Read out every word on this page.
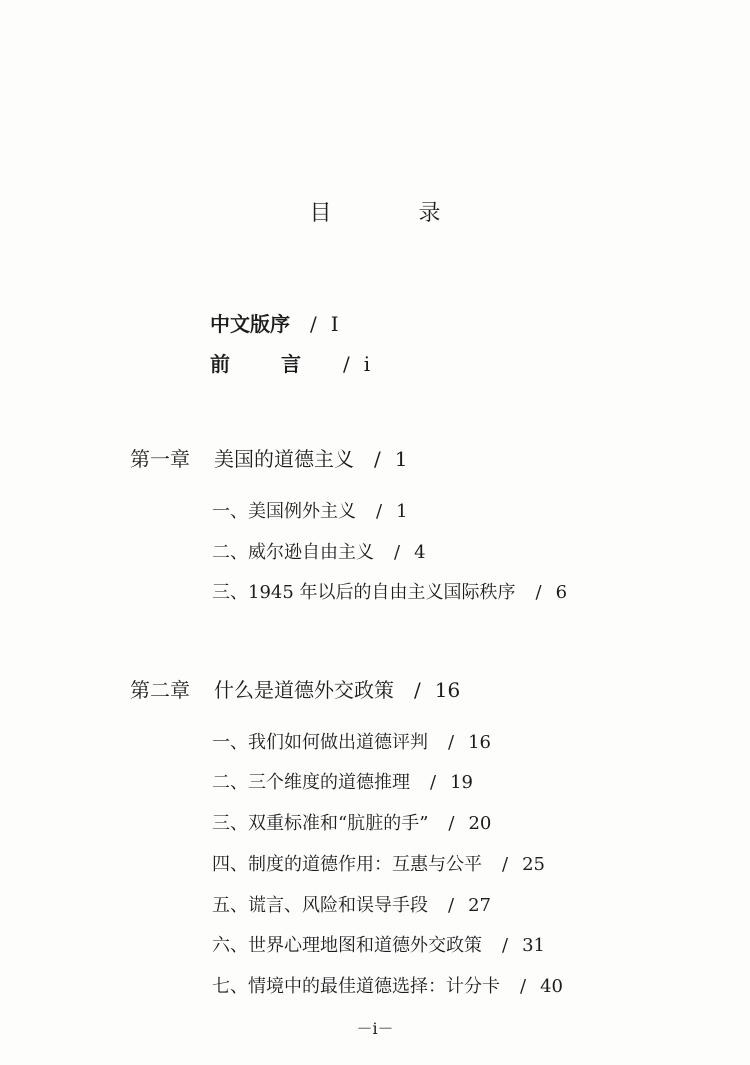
目 录
中文版序 / I
前 言 / i
第一章 美国的道德主义 / 1
一、美国例外主义 / 1
二、威尔逊自由主义 / 4
三、1945 年以后的自由主义国际秩序 / 6
第二章 什么是道德外交政策 / 16
一、我们如何做出道德评判 / 16
二、三个维度的道德推理 / 19
三、双重标准和“肮脏的手” / 20
四、制度的道德作用：互惠与公平 / 25
五、谎言、风险和误导手段 / 27
六、世界心理地图和道德外交政策 / 31
七、情境中的最佳道德选择：计分卡 / 40
－i－
